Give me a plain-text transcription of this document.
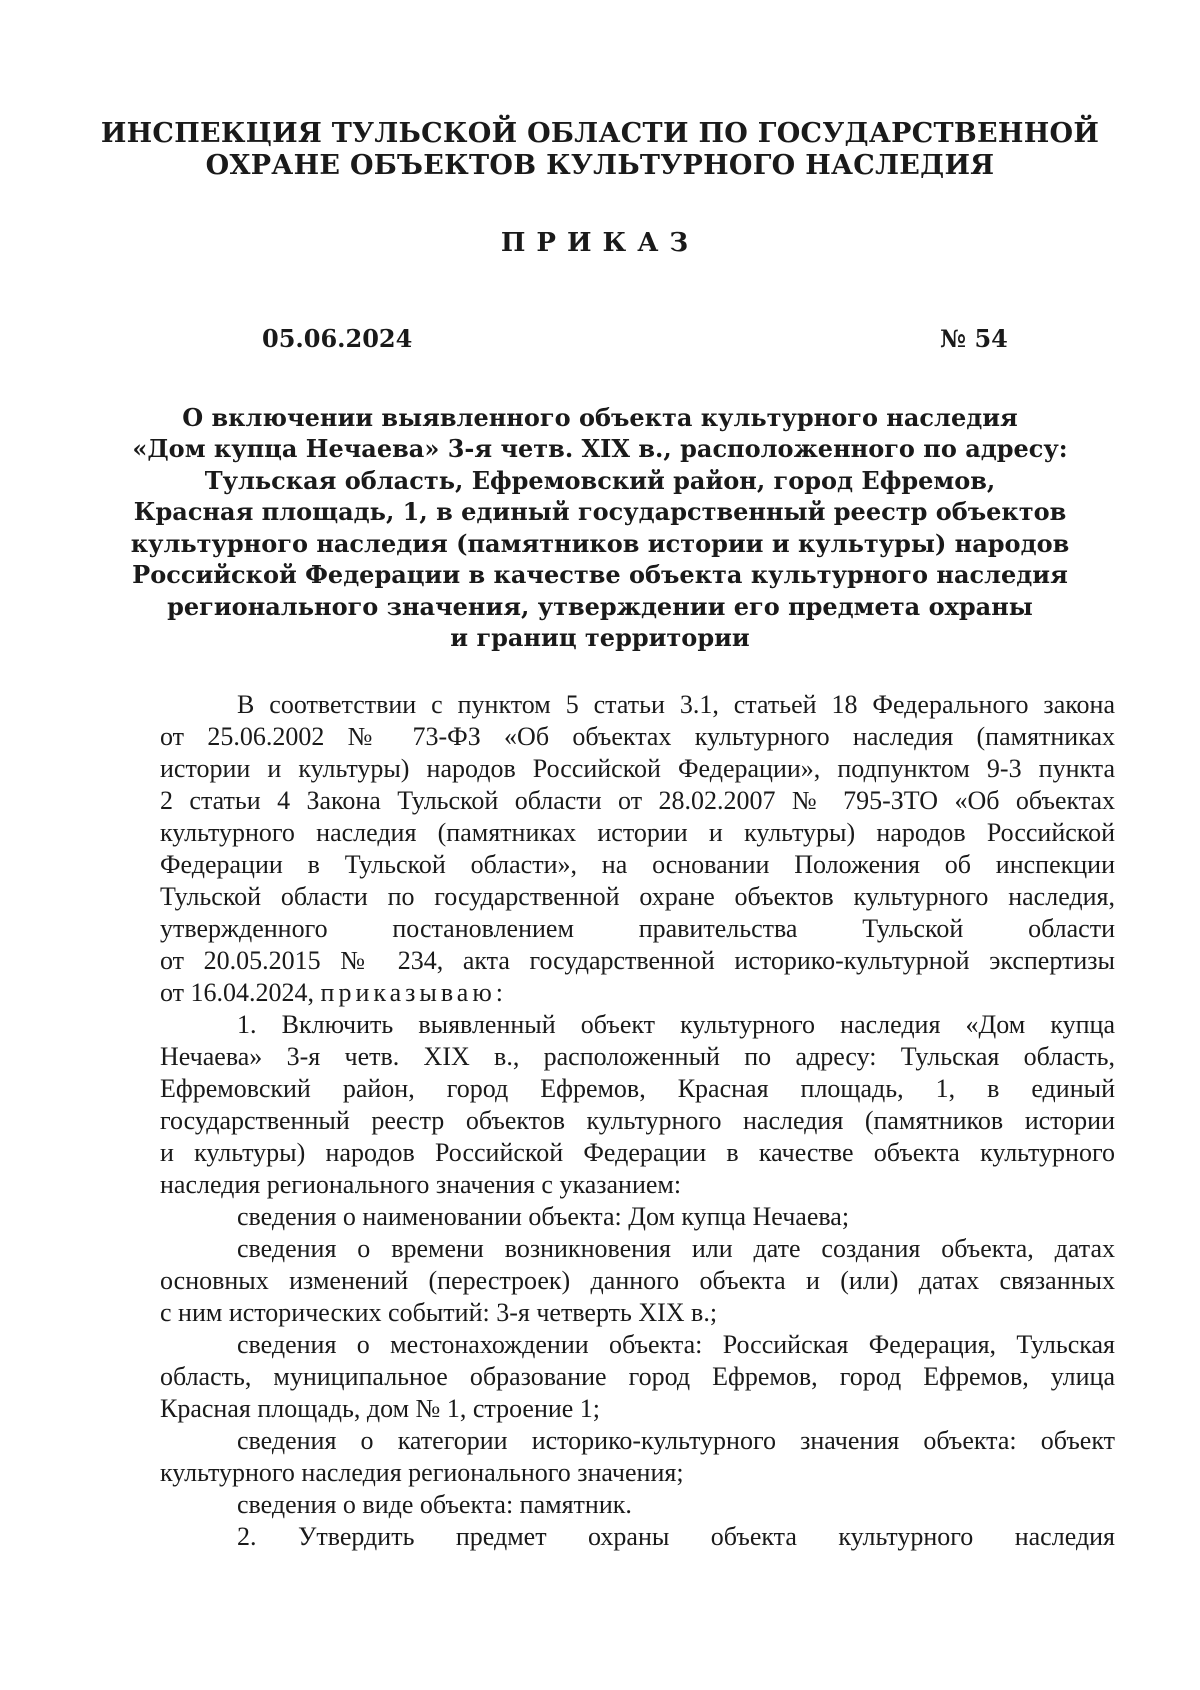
ИНСПЕКЦИЯ ТУЛЬСКОЙ ОБЛАСТИ ПО ГОСУДАРСТВЕННОЙ
ОХРАНЕ ОБЪЕКТОВ КУЛЬТУРНОГО НАСЛЕДИЯ
ПРИКАЗ
05.06.2024	№ 54
О включении выявленного объекта культурного наследия
«Дом купца Нечаева» 3-я четв. XIX в., расположенного по адресу:
Тульская область, Ефремовский район, город Ефремов,
Красная площадь, 1, в единый государственный реестр объектов
культурного наследия (памятников истории и культуры) народов
Российской Федерации в качестве объекта культурного наследия
регионального значения, утверждении его предмета охраны
и границ территории
В соответствии с пунктом 5 статьи 3.1, статьей 18 Федерального закона
от 25.06.2002 № 73-ФЗ «Об объектах культурного наследия (памятниках
истории и культуры) народов Российской Федерации», подпунктом 9-3 пункта
2 статьи 4 Закона Тульской области от 28.02.2007 № 795-ЗТО «Об объектах
культурного наследия (памятниках истории и культуры) народов Российской
Федерации в Тульской области», на основании Положения об инспекции
Тульской области по государственной охране объектов культурного наследия,
утвержденного постановлением правительства Тульской области
от 20.05.2015 № 234, акта государственной историко-культурной экспертизы
от 16.04.2024, приказываю:
1. Включить выявленный объект культурного наследия «Дом купца
Нечаева» 3-я четв. XIX в., расположенный по адресу: Тульская область,
Ефремовский район, город Ефремов, Красная площадь, 1, в единый
государственный реестр объектов культурного наследия (памятников истории
и культуры) народов Российской Федерации в качестве объекта культурного
наследия регионального значения с указанием:
сведения о наименовании объекта: Дом купца Нечаева;
сведения о времени возникновения или дате создания объекта, датах
основных изменений (перестроек) данного объекта и (или) датах связанных
с ним исторических событий: 3-я четверть XIX в.;
сведения о местонахождении объекта: Российская Федерация, Тульская
область, муниципальное образование город Ефремов, город Ефремов, улица
Красная площадь, дом № 1, строение 1;
сведения о категории историко-культурного значения объекта: объект
культурного наследия регионального значения;
сведения о виде объекта: памятник.
2. Утвердить предмет охраны объекта культурного наследия
